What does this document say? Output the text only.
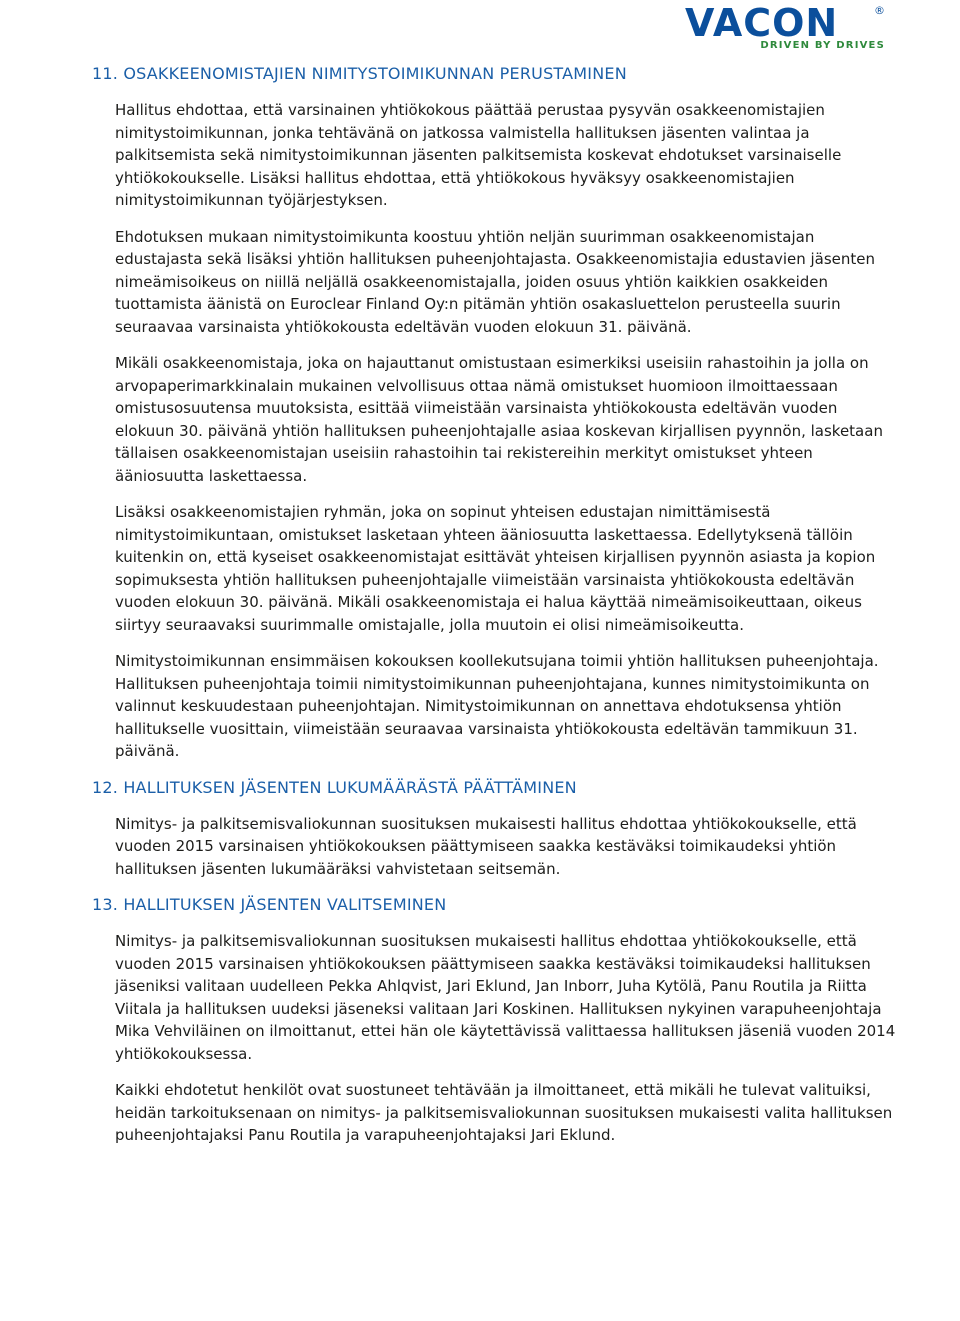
VACON	®
DRIVEN BY DRIVES
11. OSAKKEENOMISTAJIEN NIMITYSTOIMIKUNNAN PERUSTAMINEN

Hallitus ehdottaa, että varsinainen yhtiökokous päättää perustaa pysyvän osakkeenomistajien nimitystoimikunnan, jonka tehtävänä on jatkossa valmistella hallituksen jäsenten valintaa ja palkitsemista sekä nimitystoimikunnan jäsenten palkitsemista koskevat ehdotukset varsinaiselle yhtiökokoukselle. Lisäksi hallitus ehdottaa, että yhtiökokous hyväksyy osakkeenomistajien nimitystoimikunnan työjärjestyksen.

Ehdotuksen mukaan nimitystoimikunta koostuu yhtiön neljän suurimman osakkeenomistajan edustajasta sekä lisäksi yhtiön hallituksen puheenjohtajasta. Osakkeenomistajia edustavien jäsenten nimeämisoikeus on niillä neljällä osakkeenomistajalla, joiden osuus yhtiön kaikkien osakkeiden tuottamista äänistä on Euroclear Finland Oy:n pitämän yhtiön osakasluettelon perusteella suurin seuraavaa varsinaista yhtiökokousta edeltävän vuoden elokuun 31. päivänä.

Mikäli osakkeenomistaja, joka on hajauttanut omistustaan esimerkiksi useisiin rahastoihin ja jolla on arvopaperimarkkinalain mukainen velvollisuus ottaa nämä omistukset huomioon ilmoittaessaan omistusosuutensa muutoksista, esittää viimeistään varsinaista yhtiökokousta edeltävän vuoden elokuun 30. päivänä yhtiön hallituksen puheenjohtajalle asiaa koskevan kirjallisen pyynnön, lasketaan tällaisen osakkeenomistajan useisiin rahastoihin tai rekistereihin merkityt omistukset yhteen ääniosuutta laskettaessa.

Lisäksi osakkeenomistajien ryhmän, joka on sopinut yhteisen edustajan nimittämisestä nimitystoimikuntaan, omistukset lasketaan yhteen ääniosuutta laskettaessa. Edellytyksenä tällöin kuitenkin on, että kyseiset osakkeenomistajat esittävät yhteisen kirjallisen pyynnön asiasta ja kopion sopimuksesta yhtiön hallituksen puheenjohtajalle viimeistään varsinaista yhtiökokousta edeltävän vuoden elokuun 30. päivänä. Mikäli osakkeenomistaja ei halua käyttää nimeämisoikeuttaan, oikeus siirtyy seuraavaksi suurimmalle omistajalle, jolla muutoin ei olisi nimeämisoikeutta.

Nimitystoimikunnan ensimmäisen kokouksen koollekutsujana toimii yhtiön hallituksen puheenjohtaja. Hallituksen puheenjohtaja toimii nimitystoimikunnan puheenjohtajana, kunnes nimitystoimikunta on valinnut keskuudestaan puheenjohtajan. Nimitystoimikunnan on annettava ehdotuksensa yhtiön hallitukselle vuosittain, viimeistään seuraavaa varsinaista yhtiökokousta edeltävän tammikuun 31. päivänä.

12. HALLITUKSEN JÄSENTEN LUKUMÄÄRÄSTÄ PÄÄTTÄMINEN

Nimitys- ja palkitsemisvaliokunnan suosituksen mukaisesti hallitus ehdottaa yhtiökokoukselle, että vuoden 2015 varsinaisen yhtiökokouksen päättymiseen saakka kestäväksi toimikaudeksi yhtiön hallituksen jäsenten lukumääräksi vahvistetaan seitsemän.

13. HALLITUKSEN JÄSENTEN VALITSEMINEN

Nimitys- ja palkitsemisvaliokunnan suosituksen mukaisesti hallitus ehdottaa yhtiökokoukselle, että vuoden 2015 varsinaisen yhtiökokouksen päättymiseen saakka kestäväksi toimikaudeksi hallituksen jäseniksi valitaan uudelleen Pekka Ahlqvist, Jari Eklund, Jan Inborr, Juha Kytölä, Panu Routila ja Riitta Viitala ja hallituksen uudeksi jäseneksi valitaan Jari Koskinen. Hallituksen nykyinen varapuheenjohtaja Mika Vehviläinen on ilmoittanut, ettei hän ole käytettävissä valittaessa hallituksen jäseniä vuoden 2014 yhtiökokouksessa.

Kaikki ehdotetut henkilöt ovat suostuneet tehtävään ja ilmoittaneet, että mikäli he tulevat valituiksi, heidän tarkoituksenaan on nimitys- ja palkitsemisvaliokunnan suosituksen mukaisesti valita hallituksen puheenjohtajaksi Panu Routila ja varapuheenjohtajaksi Jari Eklund.
